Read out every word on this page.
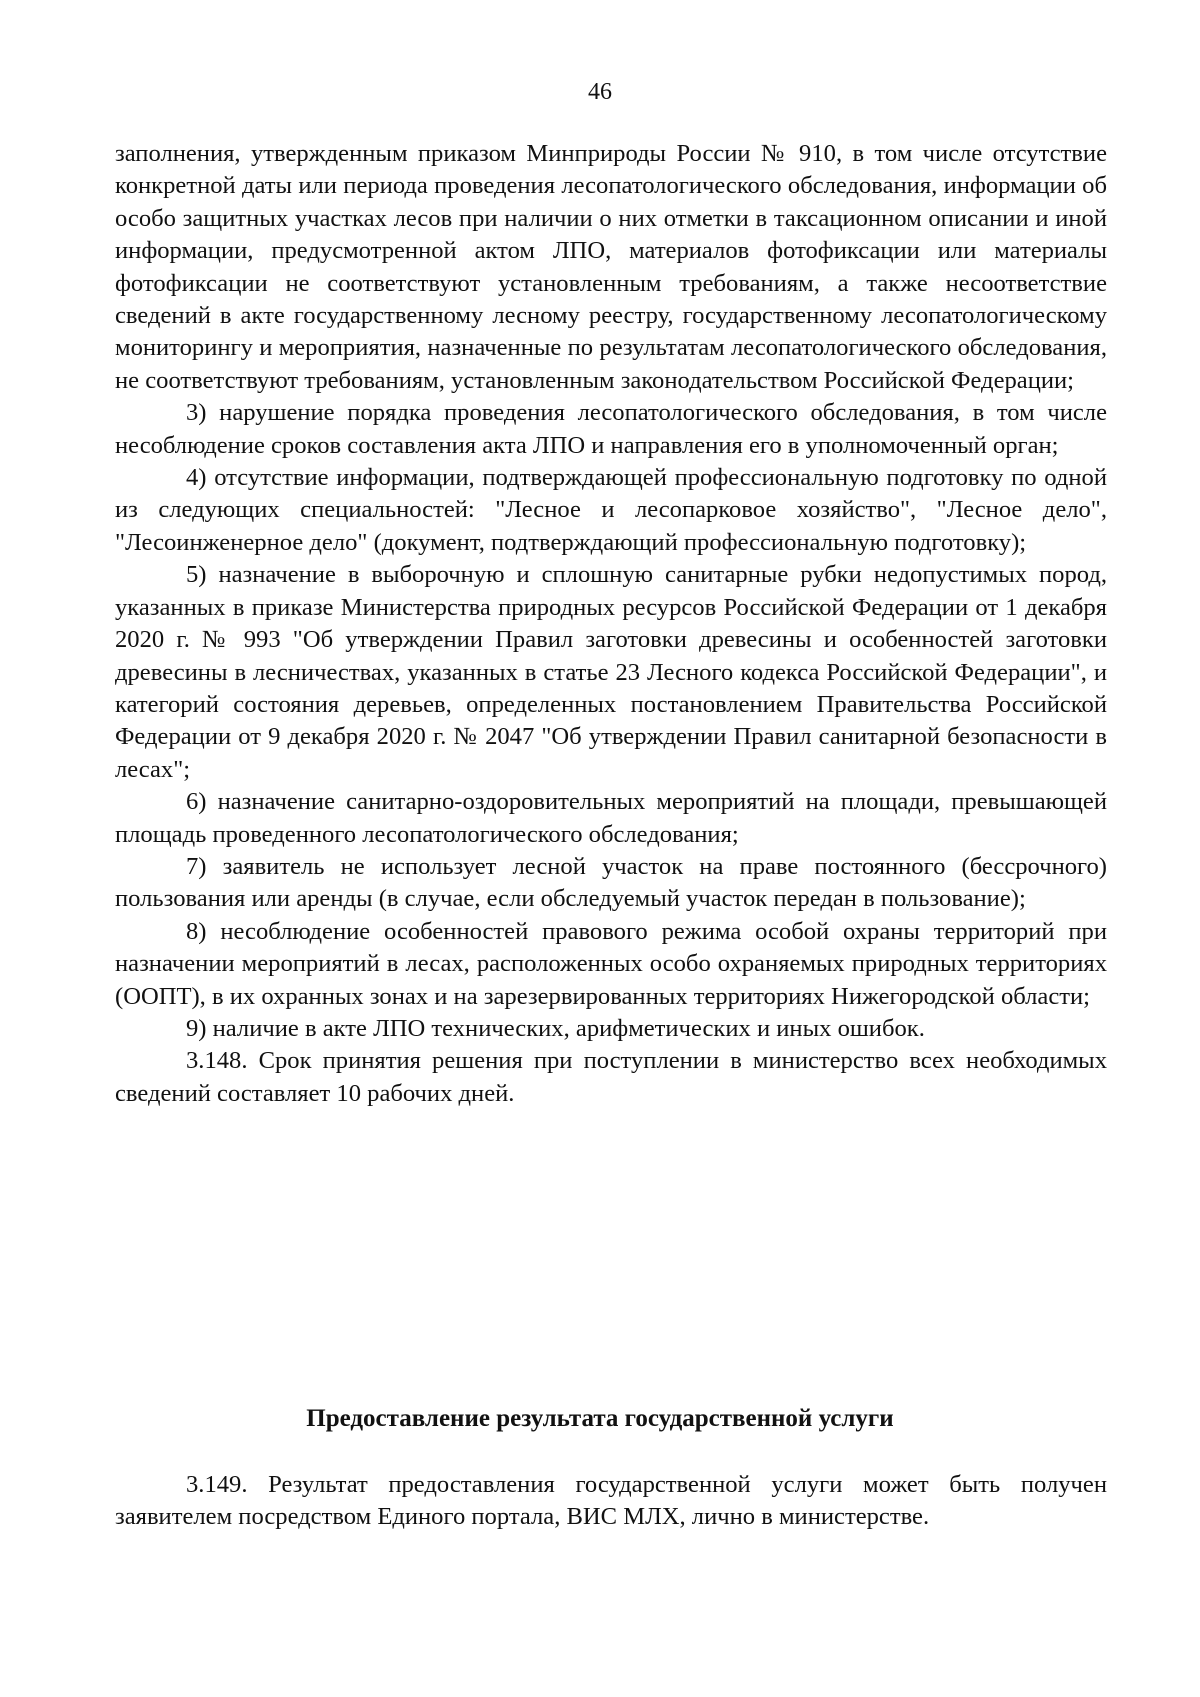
46

заполнения, утвержденным приказом Минприроды России № 910, в том числе отсутствие конкретной даты или периода проведения лесопатологического обследования, информации об особо защитных участках лесов при наличии о них отметки в таксационном описании и иной информации, предусмотренной актом ЛПО, материалов фотофиксации или материалы фотофиксации не соответствуют установленным требованиям, а также несоответствие сведений в акте государственному лесному реестру, государственному лесопатологическому мониторингу и мероприятия, назначенные по результатам лесопатологического обследования, не соответствуют требованиям, установленным законодательством Российской Федерации;

3) нарушение порядка проведения лесопатологического обследования, в том числе несоблюдение сроков составления акта ЛПО и направления его в уполномоченный орган;

4) отсутствие информации, подтверждающей профессиональную подготовку по одной из следующих специальностей: "Лесное и лесопарковое хозяйство", "Лесное дело", "Лесоинженерное дело" (документ, подтверждающий профессиональную подготовку);

5) назначение в выборочную и сплошную санитарные рубки недопустимых пород, указанных в приказе Министерства природных ресурсов Российской Федерации от 1 декабря 2020 г. № 993 "Об утверждении Правил заготовки древесины и особенностей заготовки древесины в лесничествах, указанных в статье 23 Лесного кодекса Российской Федерации", и категорий состояния деревьев, определенных постановлением Правительства Российской Федерации от 9 декабря 2020 г. № 2047 "Об утверждении Правил санитарной безопасности в лесах";

6) назначение санитарно-оздоровительных мероприятий на площади, превышающей площадь проведенного лесопатологического обследования;

7) заявитель не использует лесной участок на праве постоянного (бессрочного) пользования или аренды (в случае, если обследуемый участок передан в пользование);

8) несоблюдение особенностей правового режима особой охраны территорий при назначении мероприятий в лесах, расположенных особо охраняемых природных территориях (ООПТ), в их охранных зонах и на зарезервированных территориях Нижегородской области;

9) наличие в акте ЛПО технических, арифметических и иных ошибок.

3.148. Срок принятия решения при поступлении в министерство всех необходимых сведений составляет 10 рабочих дней.

Предоставление результата государственной услуги

3.149. Результат предоставления государственной услуги может быть получен заявителем посредством Единого портала, ВИС МЛХ, лично в министерстве.
